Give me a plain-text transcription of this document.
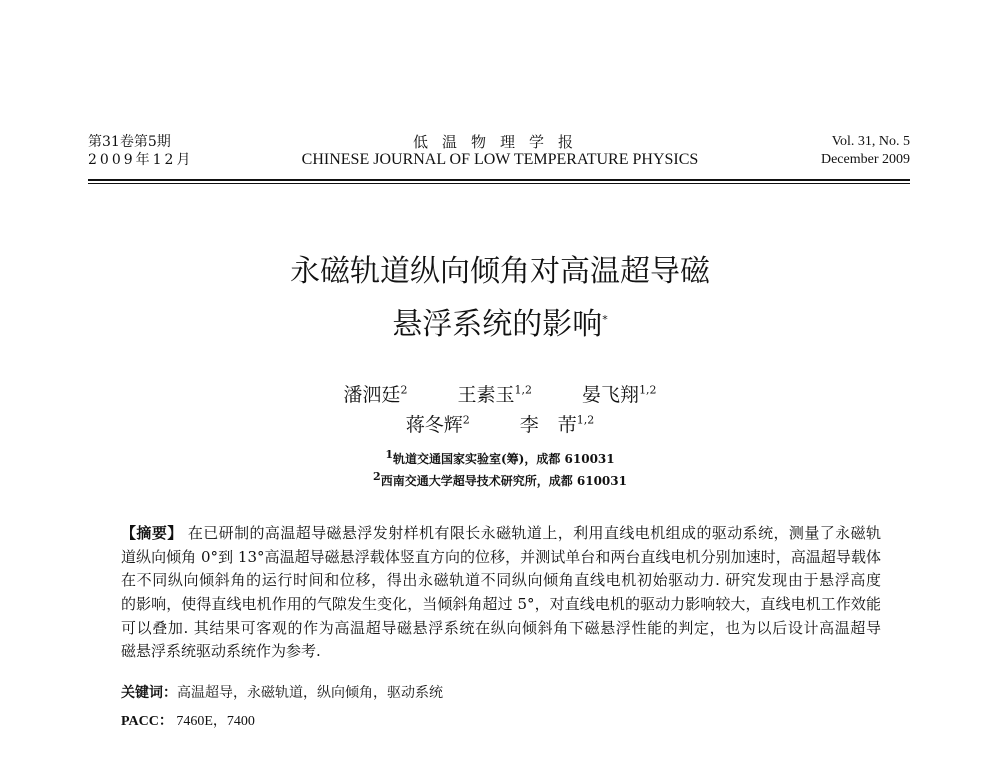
第31卷第5期
2009年12月
低温物理学报
CHINESE JOURNAL OF LOW TEMPERATURE PHYSICS
Vol. 31, No. 5
December 2009
永磁轨道纵向倾角对高温超导磁
悬浮系统的影响*
潘泗廷$^2$	王素玉$^{1,2}$	晏飞翔$^{1,2}$
蒋冬辉$^2$	李　芾$^{1,2}$
$^1$轨道交通国家实验室(筹)，成都 610031
$^2$西南交通大学超导技术研究所，成都 610031
【摘要】 在已研制的高温超导磁悬浮发射样机有限长永磁轨道上，利用直线电机组成的驱动系统，测量了永磁轨
道纵向倾角 0°到 13°高温超导磁悬浮载体竖直方向的位移，并测试单台和两台直线电机分别加速时，高温超导载体
在不同纵向倾斜角的运行时间和位移，得出永磁轨道不同纵向倾角直线电机初始驱动力. 研究发现由于悬浮高度
的影响，使得直线电机作用的气隙发生变化，当倾斜角超过 5°，对直线电机的驱动力影响较大，直线电机工作效能
可以叠加. 其结果可客观的作为高温超导磁悬浮系统在纵向倾斜角下磁悬浮性能的判定，也为以后设计高温超导
磁悬浮系统驱动系统作为参考.
关键词：高温超导，永磁轨道，纵向倾角，驱动系统
PACC： 7460E，7400
